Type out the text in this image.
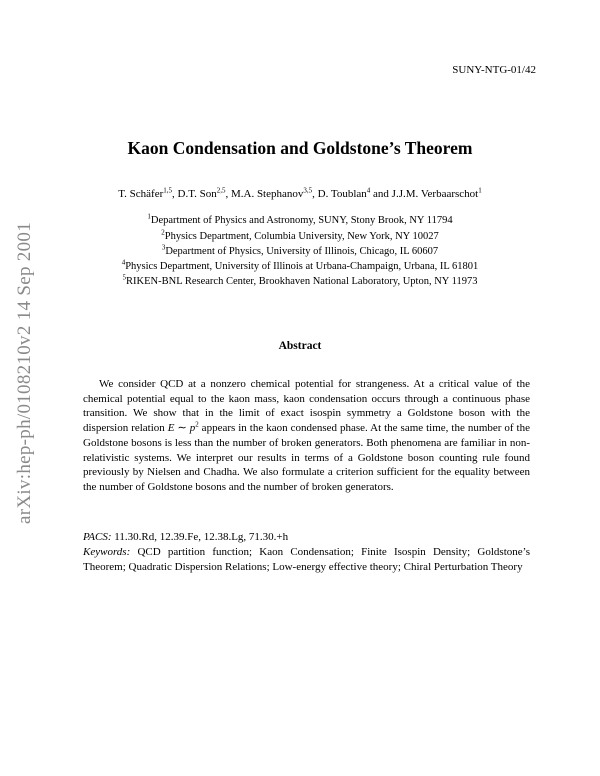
arXiv:hep-ph/0108210v2 14 Sep 2001
SUNY-NTG-01/42
Kaon Condensation and Goldstone’s Theorem
T. Schäfer$^{1,5}$, D.T. Son$^{2,5}$, M.A. Stephanov$^{3,5}$, D. Toublan$^4$ and J.J.M. Verbaarschot$^1$
$^1$Department of Physics and Astronomy, SUNY, Stony Brook, NY 11794
$^2$Physics Department, Columbia University, New York, NY 10027
$^3$Department of Physics, University of Illinois, Chicago, IL 60607
$^4$Physics Department, University of Illinois at Urbana-Champaign, Urbana, IL 61801
$^5$RIKEN-BNL Research Center, Brookhaven National Laboratory, Upton, NY 11973
Abstract
We consider QCD at a nonzero chemical potential for strangeness. At a critical value of the chemical potential equal to the kaon mass, kaon condensation occurs through a continuous phase transition. We show that in the limit of exact isospin symmetry a Goldstone boson with the dispersion relation E ∼ $p^2$ appears in the kaon condensed phase. At the same time, the number of the Goldstone bosons is less than the number of broken generators. Both phenomena are familiar in non-relativistic systems. We interpret our results in terms of a Goldstone boson counting rule found previously by Nielsen and Chadha. We also formulate a criterion sufficient for the equality between the number of Goldstone bosons and the number of broken generators.
PACS: 11.30.Rd, 12.39.Fe, 12.38.Lg, 71.30.+h
Keywords: QCD partition function; Kaon Condensation; Finite Isospin Density; Goldstone’s Theorem; Quadratic Dispersion Relations; Low-energy effective theory; Chiral Perturbation Theory
